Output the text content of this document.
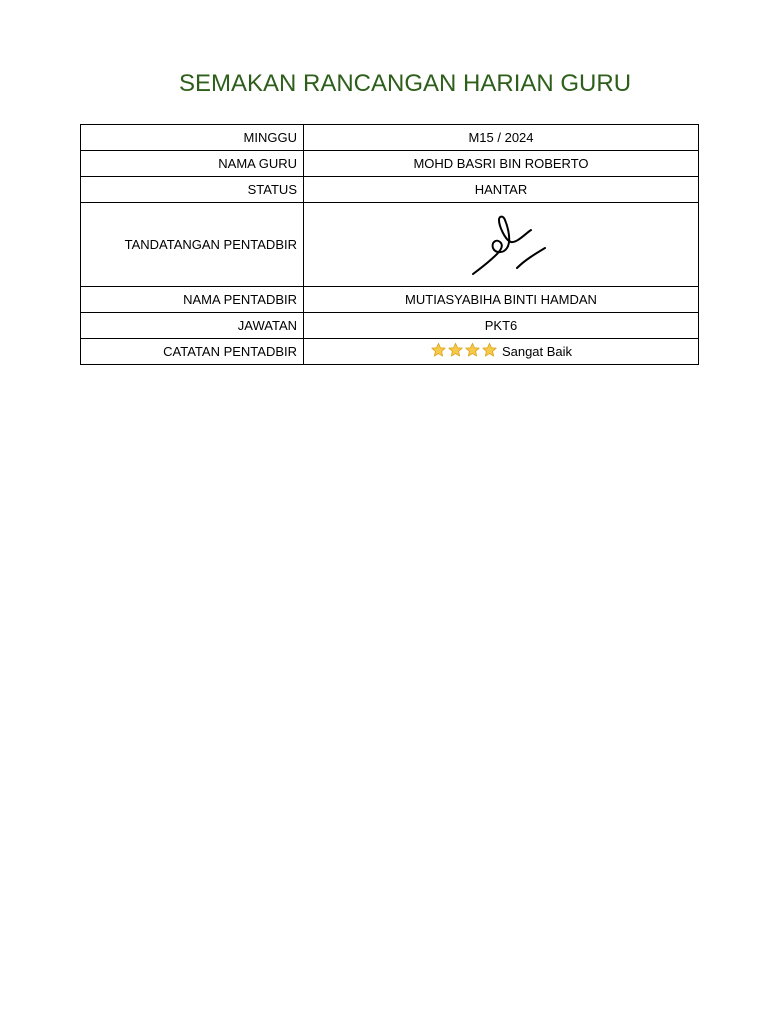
SEMAKAN RANCANGAN HARIAN GURU
MINGGU	M15 / 2024
NAMA GURU	MOHD BASRI BIN ROBERTO
STATUS	HANTAR
TANDATANGAN PENTADBIR	

NAMA PENTADBIR	MUTIASYABIHA BINTI HAMDAN
JAWATAN	PKT6
CATATAN PENTADBIR	Sangat Baik
